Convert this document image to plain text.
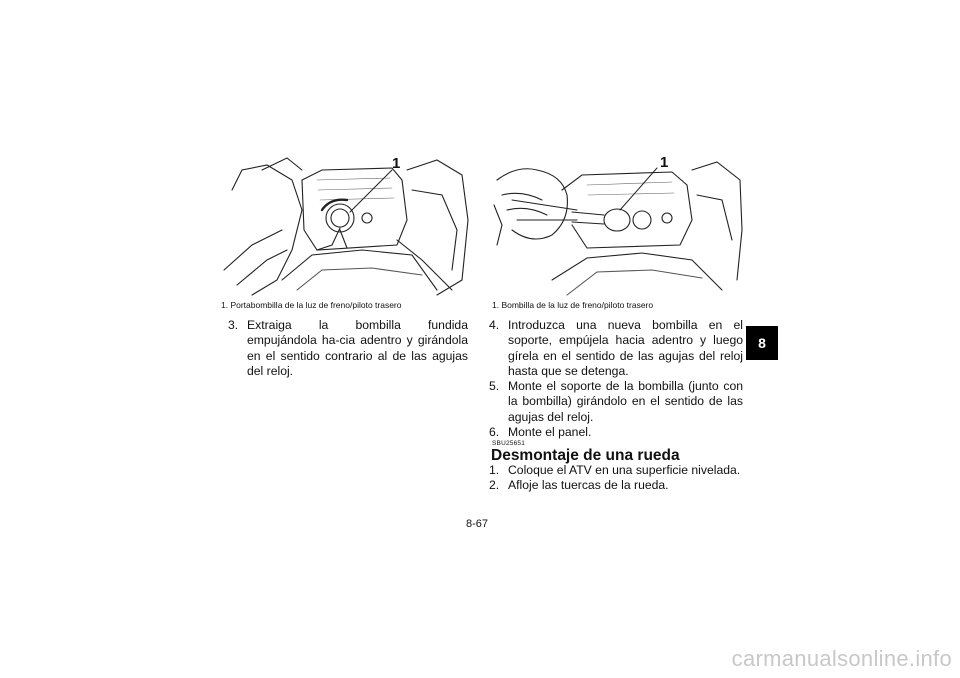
1
1. Portabombilla de la luz de freno/piloto trasero
1
1. Bombilla de la luz de freno/piloto trasero
3. Extraiga la bombilla fundida empujándola ha-cia adentro y girándola en el sentido contrario al de las agujas del reloj.
4. Introduzca una nueva bombilla en el soporte, empújela hacia adentro y luego gírela en el sentido de las agujas del reloj hasta que se detenga.
5. Monte el soporte de la bombilla (junto con la bombilla) girándolo en el sentido de las agujas del reloj.
6. Monte el panel.
SBU25651
Desmontaje de una rueda
1. Coloque el ATV en una superficie nivelada.
2. Afloje las tuercas de la rueda.
8
8-67
carmanualsonline.info
